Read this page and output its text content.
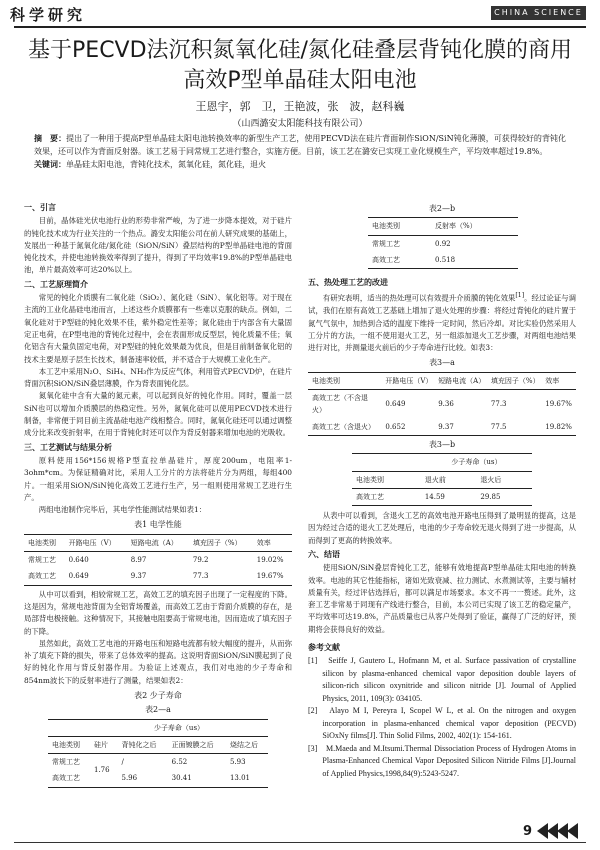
科学研究	CHINA SCIENCE
基于PECVD法沉积氮氧化硅/氮化硅叠层背钝化膜的商用
高效P型单晶硅太阳电池
王恩宇，郭　卫，王艳波，张　波，赵科巍
（山西潞安太阳能科技有限公司）
摘　要：提出了一种用于提高P型单晶硅太阳电池转换效率的新型生产工艺，使用PECVD法在硅片背面制作SiON/SiN钝化薄膜，可获得较好的背钝化效果，还可以作为背面反射器。该工艺易于同常规工艺进行整合，实施方便。目前，该工艺在潞安已实现工业化规模生产，平均效率超过19.8%。
关键词：单晶硅太阳电池，背钝化技术，氮氧化硅，氮化硅，退火
一、引言

目前，晶体硅光伏电池行业的形势非常严峻，为了进一步降本提效，对于硅片的钝化技术成为行业关注的一个热点。潞安太阳能公司在前人研究成果的基础上，发展出一种基于氮氧化硅/氮化硅（SiON/SiN）叠层结构的P型单晶硅电池的背面钝化技术，并使电池转换效率得到了提升，得到了平均效率19.8%的P型单晶硅电池，单片最高效率可达20%以上。

二、工艺原理简介

常见的钝化介质膜有二氧化硅（SiO₂）、氮化硅（SiN）、氧化铝等。对于现在主流的工业化晶硅电池而言，上述这些介质膜都有一些难以克服的缺点。例如，二氧化硅对于P型硅的钝化效果不佳，紫外稳定性差等；氮化硅由于内部含有大量固定正电荷，在P型电池的背钝化过程中，会在表面形成反型层，钝化质量不佳；氧化铝含有大量负固定电荷，对P型硅的钝化效果最为优良，但是目前制备氧化铝的技术主要是原子层生长技术，制备速率较低，并不适合于大规模工业化生产。

本工艺中采用N₂O、SiH₄、NH₃作为反应气体，利用管式PECVD炉，在硅片背面沉积SiON/SiN叠层薄膜，作为背表面钝化层。

氮氧化硅中含有大量的氮元素，可以起到良好的钝化作用。同时，覆盖一层SiN也可以增加介质膜层的热稳定性。另外，氮氧化硅可以使用PECVD技术进行制备，非常便于同目前主流晶硅电池产线相整合。同时，氮氧化硅还可以通过调整成分比来改变折射率，在用于背钝化时还可以作为背反射器来增加电池的光吸收。

三、工艺测试与结果分析

原料使用156*156规格P型直拉单晶硅片，厚度200um，电阻率1-3ohm*cm。为保证精确对比，采用人工分片的方法将硅片分为两组，每组400片。一组采用SiON/SiN钝化高效工艺进行生产，另一组则使用常规工艺进行生产。

两组电池制作完毕后，其电学性能测试结果如表1：

表1 电学性能
电池类别	开路电压（V）	短路电流（A）	填充因子（%）	效率
常规工艺	0.640	8.97	79.2	19.02%
高效工艺	0.649	9.37	77.3	19.67%

从中可以看到，相较常规工艺，高效工艺的填充因子出现了一定程度的下降。这是因为，常规电池背面为全铝背场覆盖，而高效工艺由于背面介质膜的存在，是局部背电极接触。这种情况下，其接触电阻要高于常规电池，因而造成了填充因子的下降。

虽然如此，高效工艺电池的开路电压和短路电流都有较大幅度的提升，从而弥补了填充下降的损失，带来了总体效率的提高。这说明背面SiON/SiN膜起到了良好的钝化作用与背反射器作用。为验证上述观点，我们对电池的少子寿命和854nm波长下的反射率进行了测量，结果如表2：

表2 少子寿命
表2—a
	少子寿命（us）			
电池类别	硅片	背钝化之后	正面镀膜之后	烧结之后
常规工艺	1.76	/	6.52	5.93
高效工艺		5.96	30.41	13.01
表2—b
电池类别	反射率（%）
常规工艺	0.92
高效工艺	0.518
五、热处理工艺的改进

有研究表明，适当的热处理可以有效提升介质膜的钝化效果[1]。经过论证与调试，我们在原有高效工艺基础上增加了退火处理的步骤：将经过背钝化的硅片置于氮气气氛中，加热到合适的温度下维持一定时间，然后冷却。对比实验仍然采用人工分片的方法，一组不使用退火工艺，另一组添加退火工艺步骤，对两组电池结果进行对比，并测量退火前后的少子寿命进行比较。如表3：

表3—a
电池类别	开路电压（V）	短路电流（A）	填充因子（%）	效率
高效工艺（不含退火）	0.649	9.36	77.3	19.67%
高效工艺（含退火）	0.652	9.37	77.5	19.82%
表3—b
	少子寿命（us）	
电池类别	退火前	退火后
高效工艺	14.59	29.85

从表中可以看到，含退火工艺的高效电池开路电压得到了最明显的提高，这是因为经过合适的退火工艺处理后，电池的少子寿命较无退火得到了进一步提高，从而得到了更高的转换效率。

六、结语

使用SiON/SiN叠层背钝化工艺，能够有效地提高P型单晶硅太阳电池的转换效率。电池的其它性能指标，诸如光致衰减、拉力测试、水煮测试等，主要与辅材质量有关，经过评估选择后，都可以满足市场要求。本文不再一一赘述。此外，这套工艺非常易于同现有产线进行整合，目前，本公司已实现了该工艺的稳定量产，平均效率可达19.8%，产品质量也已从客户处得到了验证，赢得了广泛的好评，预期将会获得良好的效益。

参考文献

[1]　Seiffe J, Gautero L, Hofmann M, et al. Surface passivation of crystalline silicon by plasma-enhanced chemical vapor deposition double layers of silicon-rich silicon oxynitride and silicon nitride [J]. Journal of Applied Physics, 2011, 109(3): 034105.

[2]　Alayo M I, Pereyra I, Scopel W L, et al. On the nitrogen and oxygen incorporation in plasma-enhanced chemical vapor deposition (PECVD) SiOxNy films[J]. Thin Solid Films, 2002, 402(1): 154-161.

[3]　M.Maeda and M.Itsumi.Thermal Dissociation Process of Hydrogen Atoms in Plasma-Enhanced Chemical Vapor Deposited Silicon Nitride Films [J].Journal of Applied Physics,1998,84(9):5243-5247.

9
